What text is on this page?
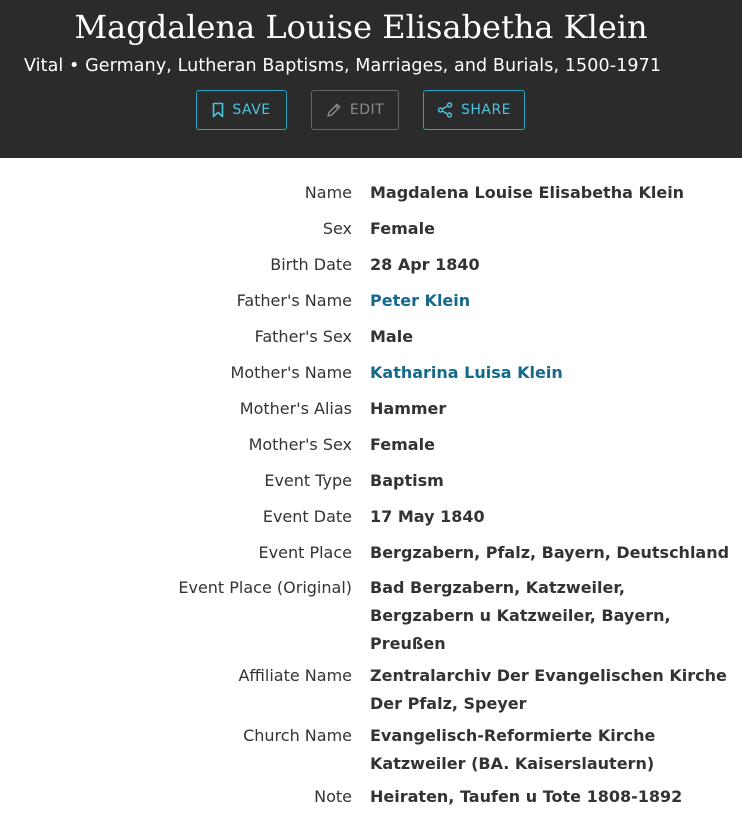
Magdalena Louise Elisabetha Klein
Vital • Germany, Lutheran Baptisms, Marriages, and Burials, 1500-1971
SAVE	EDIT	SHARE
Name Magdalena Louise Elisabetha Klein
Sex Female
Birth Date 28 Apr 1840
Father's Name Peter Klein
Father's Sex Male
Mother's Name Katharina Luisa Klein
Mother's Alias Hammer
Mother's Sex Female
Event Type Baptism
Event Date 17 May 1840
Event Place Bergzabern, Pfalz, Bayern, Deutschland
Event Place (Original) Bad Bergzabern, Katzweiler,
Bergzabern u Katzweiler, Bayern,
Preußen
Affiliate Name Zentralarchiv Der Evangelischen Kirche
Der Pfalz, Speyer
Church Name Evangelisch-Reformierte Kirche
Katzweiler (BA. Kaiserslautern)
Note Heiraten, Taufen u Tote 1808-1892
